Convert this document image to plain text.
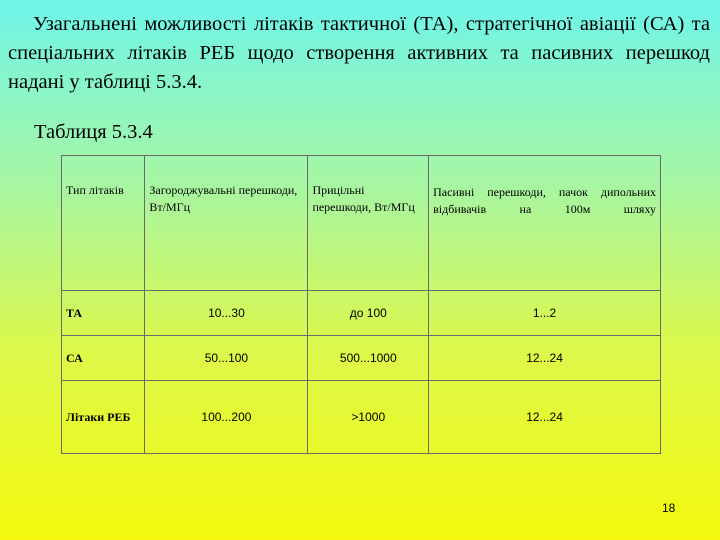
Узагальнені можливості літаків тактичної (ТА), стратегічної авіації (СА) та спеціальних літаків РЕБ щодо створення активних та пасивних перешкод надані у таблиці 5.3.4.

Таблиця 5.3.4

Тип літаків	Загороджувальні перешкоди, Вт/МГц	Прицільні перешкоди, Вт/МГц	Пасивні перешкоди, пачок дипольних відбивачів на 100м шляху
ТА	10...30	до 100	1...2
СА	50...100	500...1000	12...24
Літаки РЕБ	100...200	>1000	12...24
18
